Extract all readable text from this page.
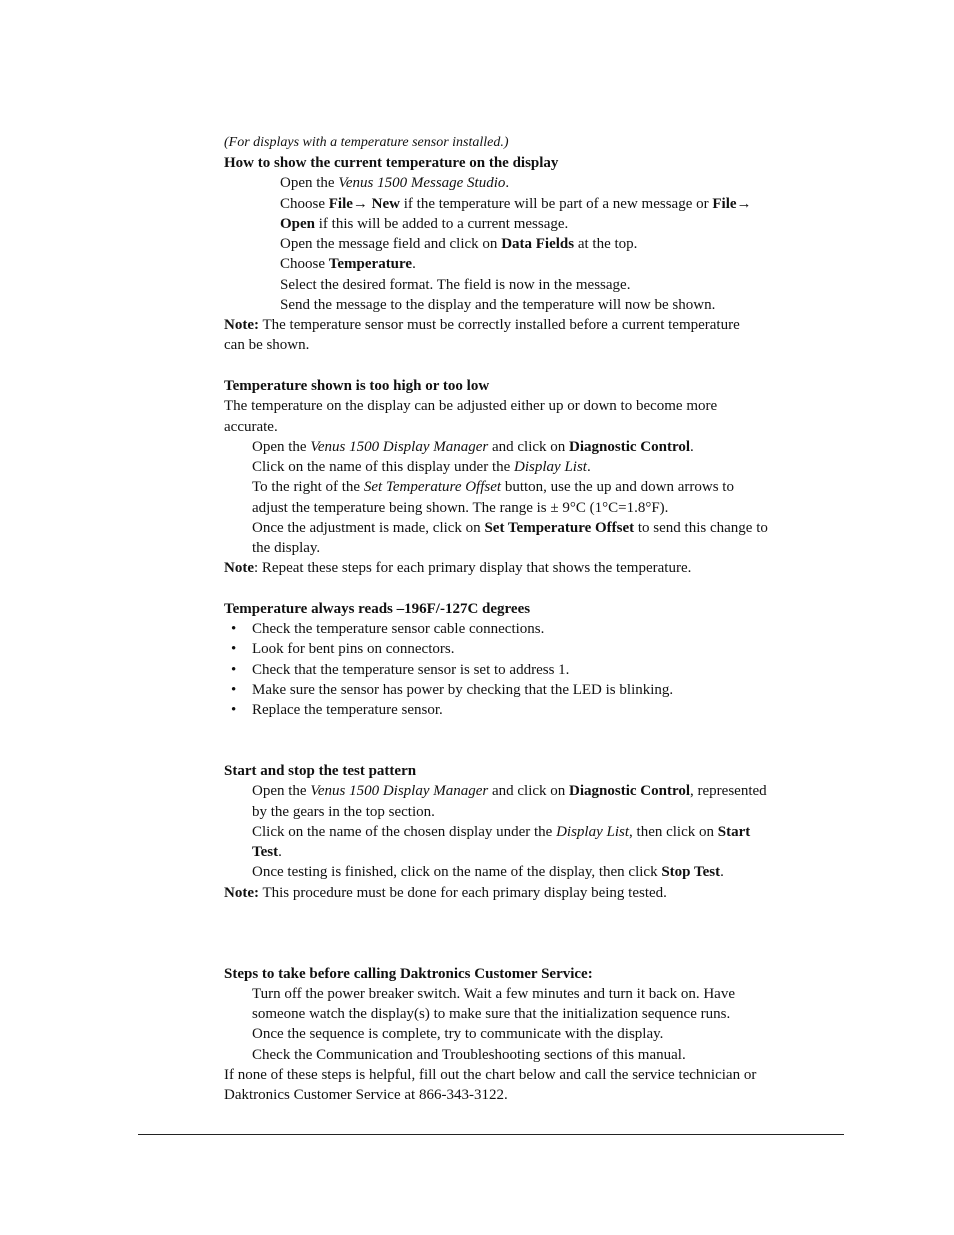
(For displays with a temperature sensor installed.)
How to show the current temperature on the display
Open the Venus 1500 Message Studio.
Choose File→ New if the temperature will be part of a new message or File→
Open if this will be added to a current message.
Open the message field and click on Data Fields at the top.
Choose Temperature.
Select the desired format. The field is now in the message.
Send the message to the display and the temperature will now be shown.
Note: The temperature sensor must be correctly installed before a current temperature
can be shown.
Temperature shown is too high or too low
The temperature on the display can be adjusted either up or down to become more
accurate.
Open the Venus 1500 Display Manager and click on Diagnostic Control.
Click on the name of this display under the Display List.
To the right of the Set Temperature Offset button, use the up and down arrows to
adjust the temperature being shown. The range is ± 9°C (1°C=1.8°F).
Once the adjustment is made, click on Set Temperature Offset to send this change to
the display.
Note: Repeat these steps for each primary display that shows the temperature.
Temperature always reads –196F/-127C degrees
• Check the temperature sensor cable connections.
• Look for bent pins on connectors.
• Check that the temperature sensor is set to address 1.
• Make sure the sensor has power by checking that the LED is blinking.
• Replace the temperature sensor.
Start and stop the test pattern
Open the Venus 1500 Display Manager and click on Diagnostic Control, represented
by the gears in the top section.
Click on the name of the chosen display under the Display List, then click on Start
Test.
Once testing is finished, click on the name of the display, then click Stop Test.
Note: This procedure must be done for each primary display being tested.
Steps to take before calling Daktronics Customer Service:
Turn off the power breaker switch. Wait a few minutes and turn it back on. Have
someone watch the display(s) to make sure that the initialization sequence runs.
Once the sequence is complete, try to communicate with the display.
Check the Communication and Troubleshooting sections of this manual.
If none of these steps is helpful, fill out the chart below and call the service technician or
Daktronics Customer Service at 866-343-3122.
